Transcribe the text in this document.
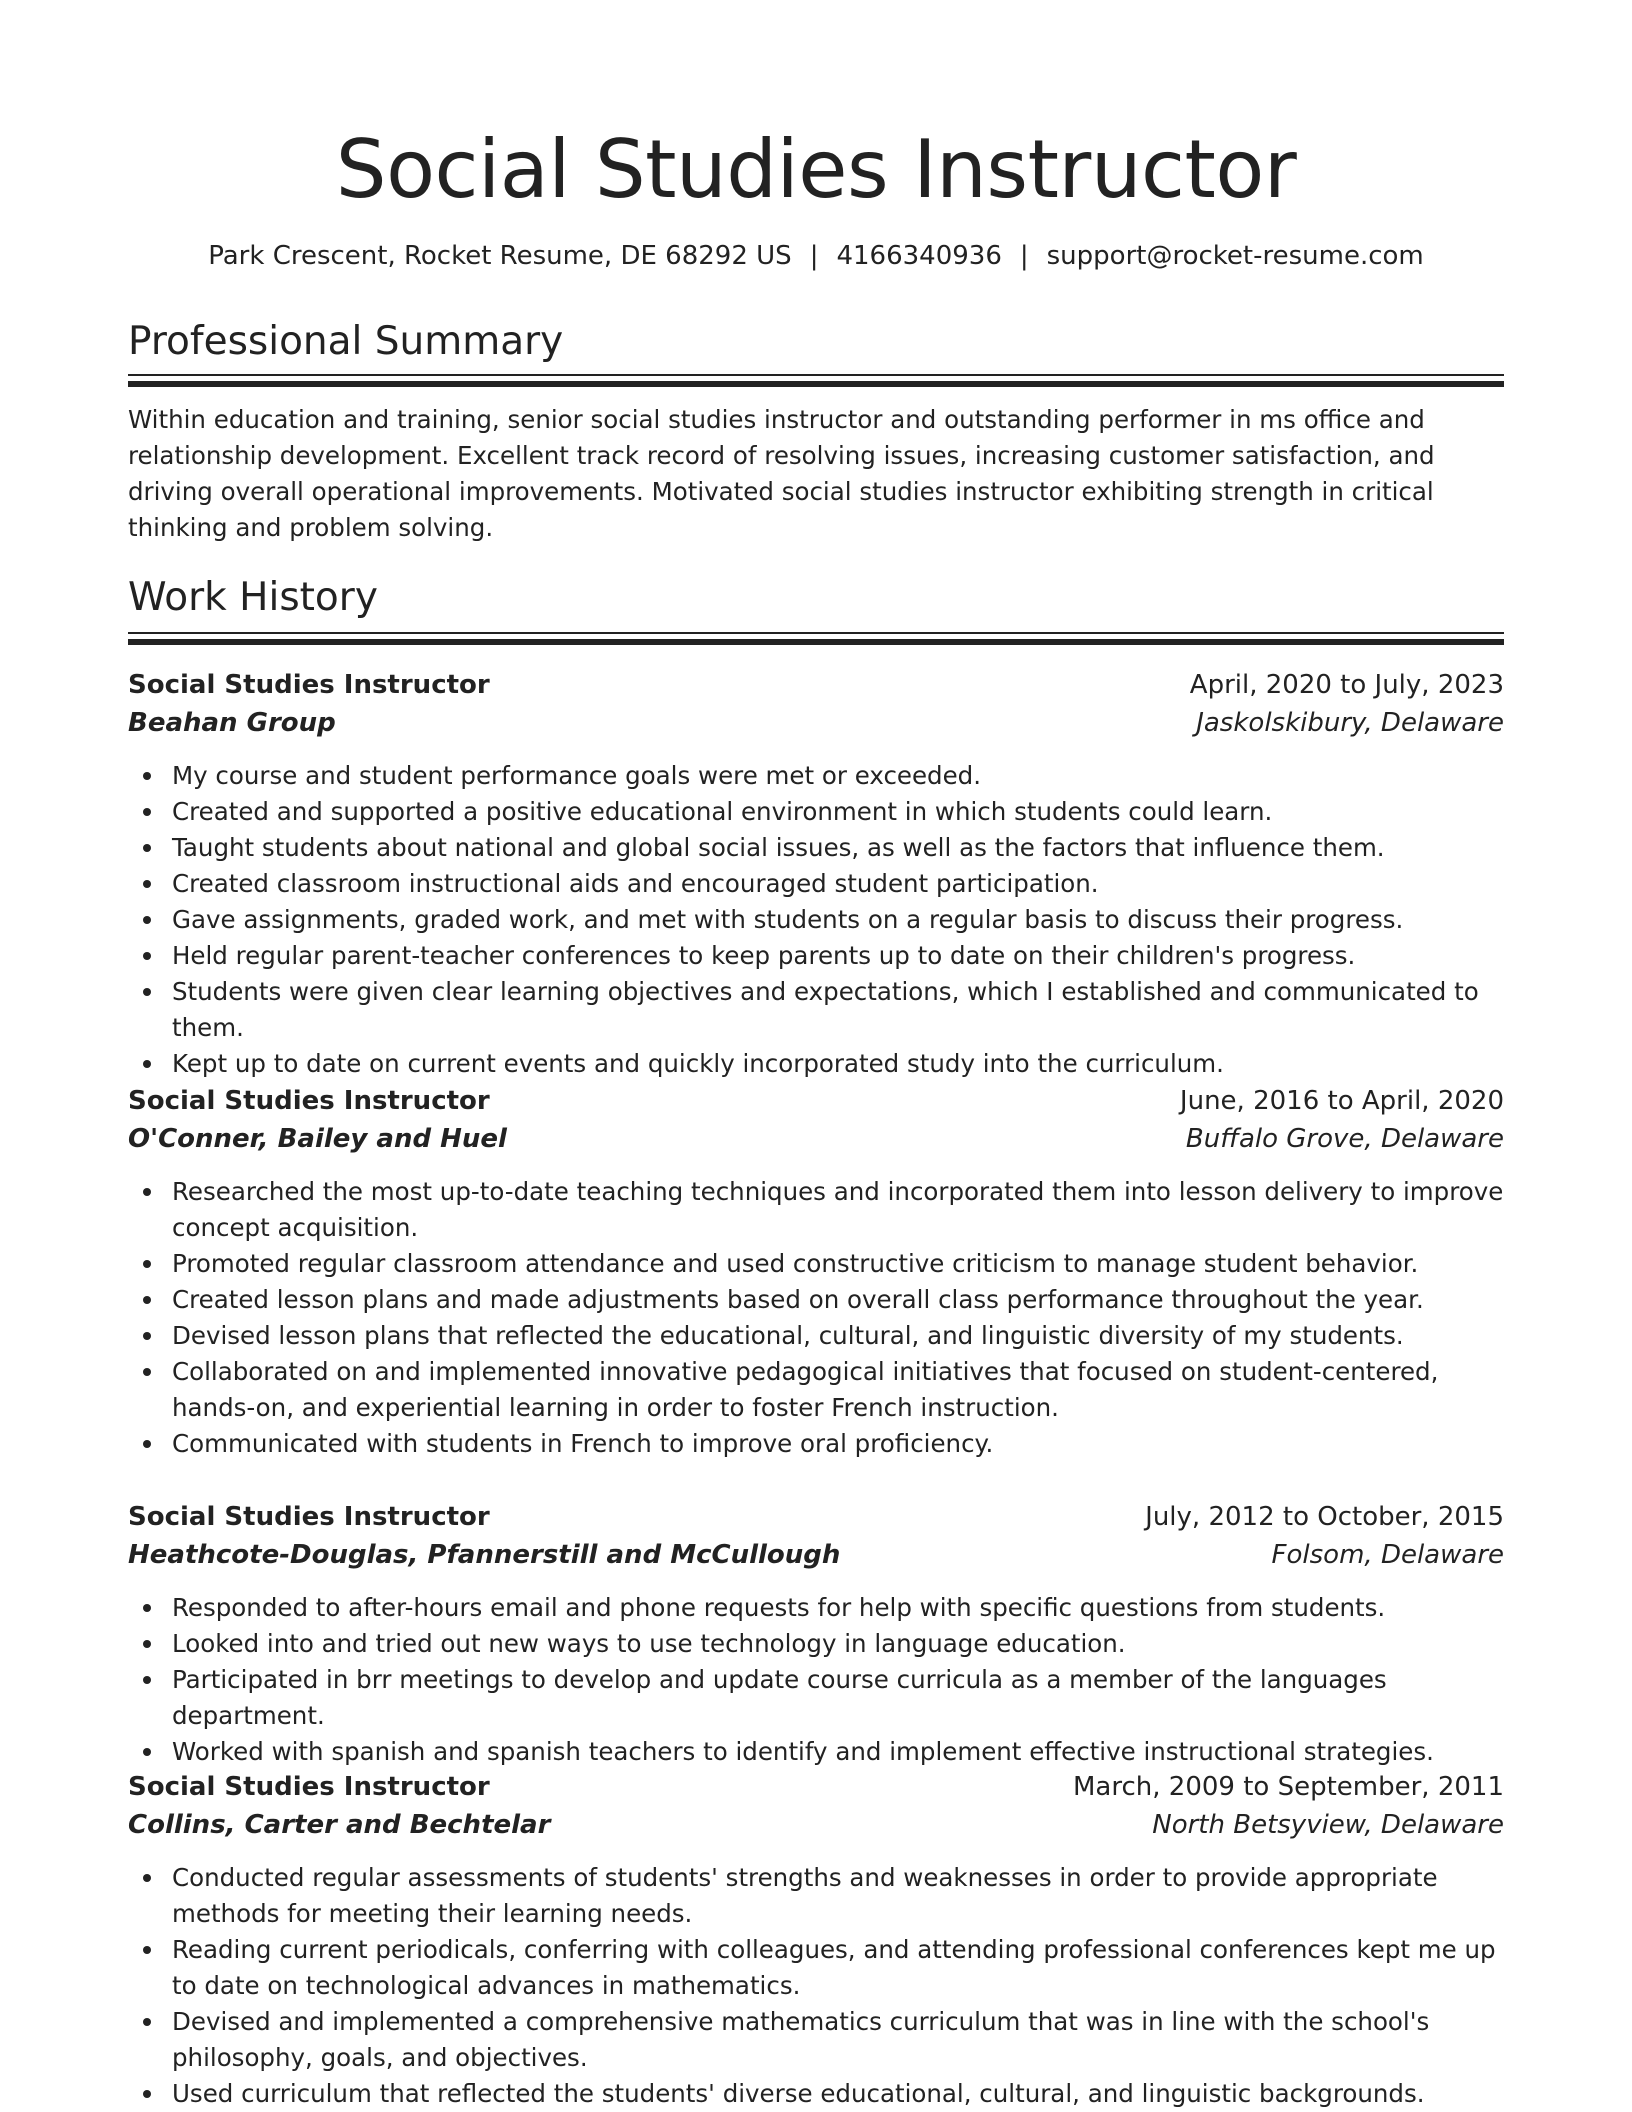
Social Studies Instructor
Park Crescent, Rocket Resume, DE 68292 US | 4166340936 | support@rocket-resume.com
Professional Summary

Within education and training, senior social studies instructor and outstanding performer in ms office and relationship development. Excellent track record of resolving issues, increasing customer satisfaction, and driving overall operational improvements. Motivated social studies instructor exhibiting strength in critical thinking and problem solving.

Work History
Social Studies Instructor	April, 2020 to July, 2023
Beahan Group	Jaskolskibury, Delaware
My course and student performance goals were met or exceeded.
Created and supported a positive educational environment in which students could learn.
Taught students about national and global social issues, as well as the factors that influence them.
Created classroom instructional aids and encouraged student participation.
Gave assignments, graded work, and met with students on a regular basis to discuss their progress.
Held regular parent-teacher conferences to keep parents up to date on their children's progress.
Students were given clear learning objectives and expectations, which I established and communicated to them.
Kept up to date on current events and quickly incorporated study into the curriculum.
Social Studies Instructor	June, 2016 to April, 2020
O'Conner, Bailey and Huel	Buffalo Grove, Delaware
Researched the most up-to-date teaching techniques and incorporated them into lesson delivery to improve concept acquisition.
Promoted regular classroom attendance and used constructive criticism to manage student behavior.
Created lesson plans and made adjustments based on overall class performance throughout the year.
Devised lesson plans that reflected the educational, cultural, and linguistic diversity of my students.
Collaborated on and implemented innovative pedagogical initiatives that focused on student-centered, hands-on, and experiential learning in order to foster French instruction.
Communicated with students in French to improve oral proficiency.
Social Studies Instructor	July, 2012 to October, 2015
Heathcote-Douglas, Pfannerstill and McCullough	Folsom, Delaware
Responded to after-hours email and phone requests for help with specific questions from students.
Looked into and tried out new ways to use technology in language education.
Participated in brr meetings to develop and update course curricula as a member of the languages department.
Worked with spanish and spanish teachers to identify and implement effective instructional strategies.
Social Studies Instructor	March, 2009 to September, 2011
Collins, Carter and Bechtelar	North Betsyview, Delaware
Conducted regular assessments of students' strengths and weaknesses in order to provide appropriate methods for meeting their learning needs.
Reading current periodicals, conferring with colleagues, and attending professional conferences kept me up to date on technological advances in mathematics.
Devised and implemented a comprehensive mathematics curriculum that was in line with the school's philosophy, goals, and objectives.
Used curriculum that reflected the students' diverse educational, cultural, and linguistic backgrounds.
